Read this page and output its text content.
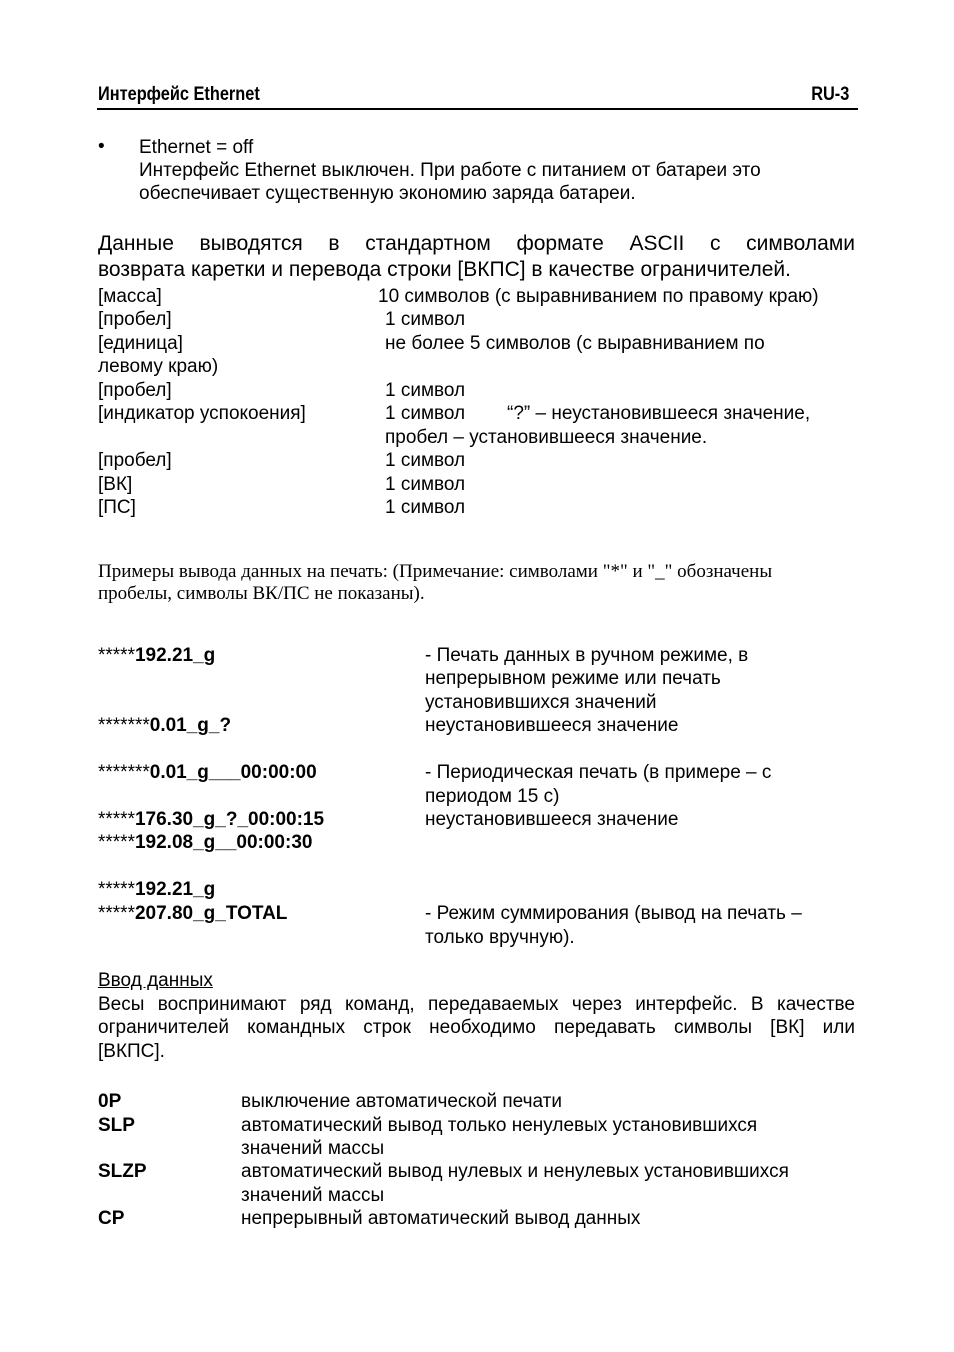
Интерфейс Ethernet	RU-3
• Ethernet = off
Интерфейс Ethernet выключен. При работе с питанием от батареи это
обеспечивает существенную экономию заряда батареи.
Данные выводятся в стандартном формате ASCII с символами
возврата каретки и перевода строки [ВКПС] в качестве ограничителей.
[масса]	10 символов (с выравниванием по правому краю)
[пробел]	1 символ
[единица]	не более 5 символов (с выравниванием по
левому краю)
[пробел]	1 символ
[индикатор успокоения]	1 символ “?” – неустановившееся значение,
пробел – установившееся значение.
[пробел]	1 символ
[ВК]	1 символ
[ПС]	1 символ
Примеры вывода данных на печать: (Примечание: символами "*" и "_" обозначены
пробелы, символы ВК/ПС не показаны).
*****192.21_g	- Печать данных в ручном режиме, в
непрерывном режиме или печать
установившихся значений
*******0.01_g_?	неустановившееся значение
*******0.01_g___00:00:00	- Периодическая печать (в примере – с
периодом 15 с)
*****176.30_g_?_00:00:15	неустановившееся значение
*****192.08_g__00:00:30
*****192.21_g
*****207.80_g_TOTAL	- Режим суммирования (вывод на печать –
только вручную).
Ввод данных
Весы воспринимают ряд команд, передаваемых через интерфейс. В качестве
ограничителей командных строк необходимо передавать символы [ВК] или
[ВКПС].
0P	выключение автоматической печати
SLP	автоматический вывод только ненулевых установившихся
значений массы
SLZP	автоматический вывод нулевых и ненулевых установившихся
значений массы
CP	непрерывный автоматический вывод данных
